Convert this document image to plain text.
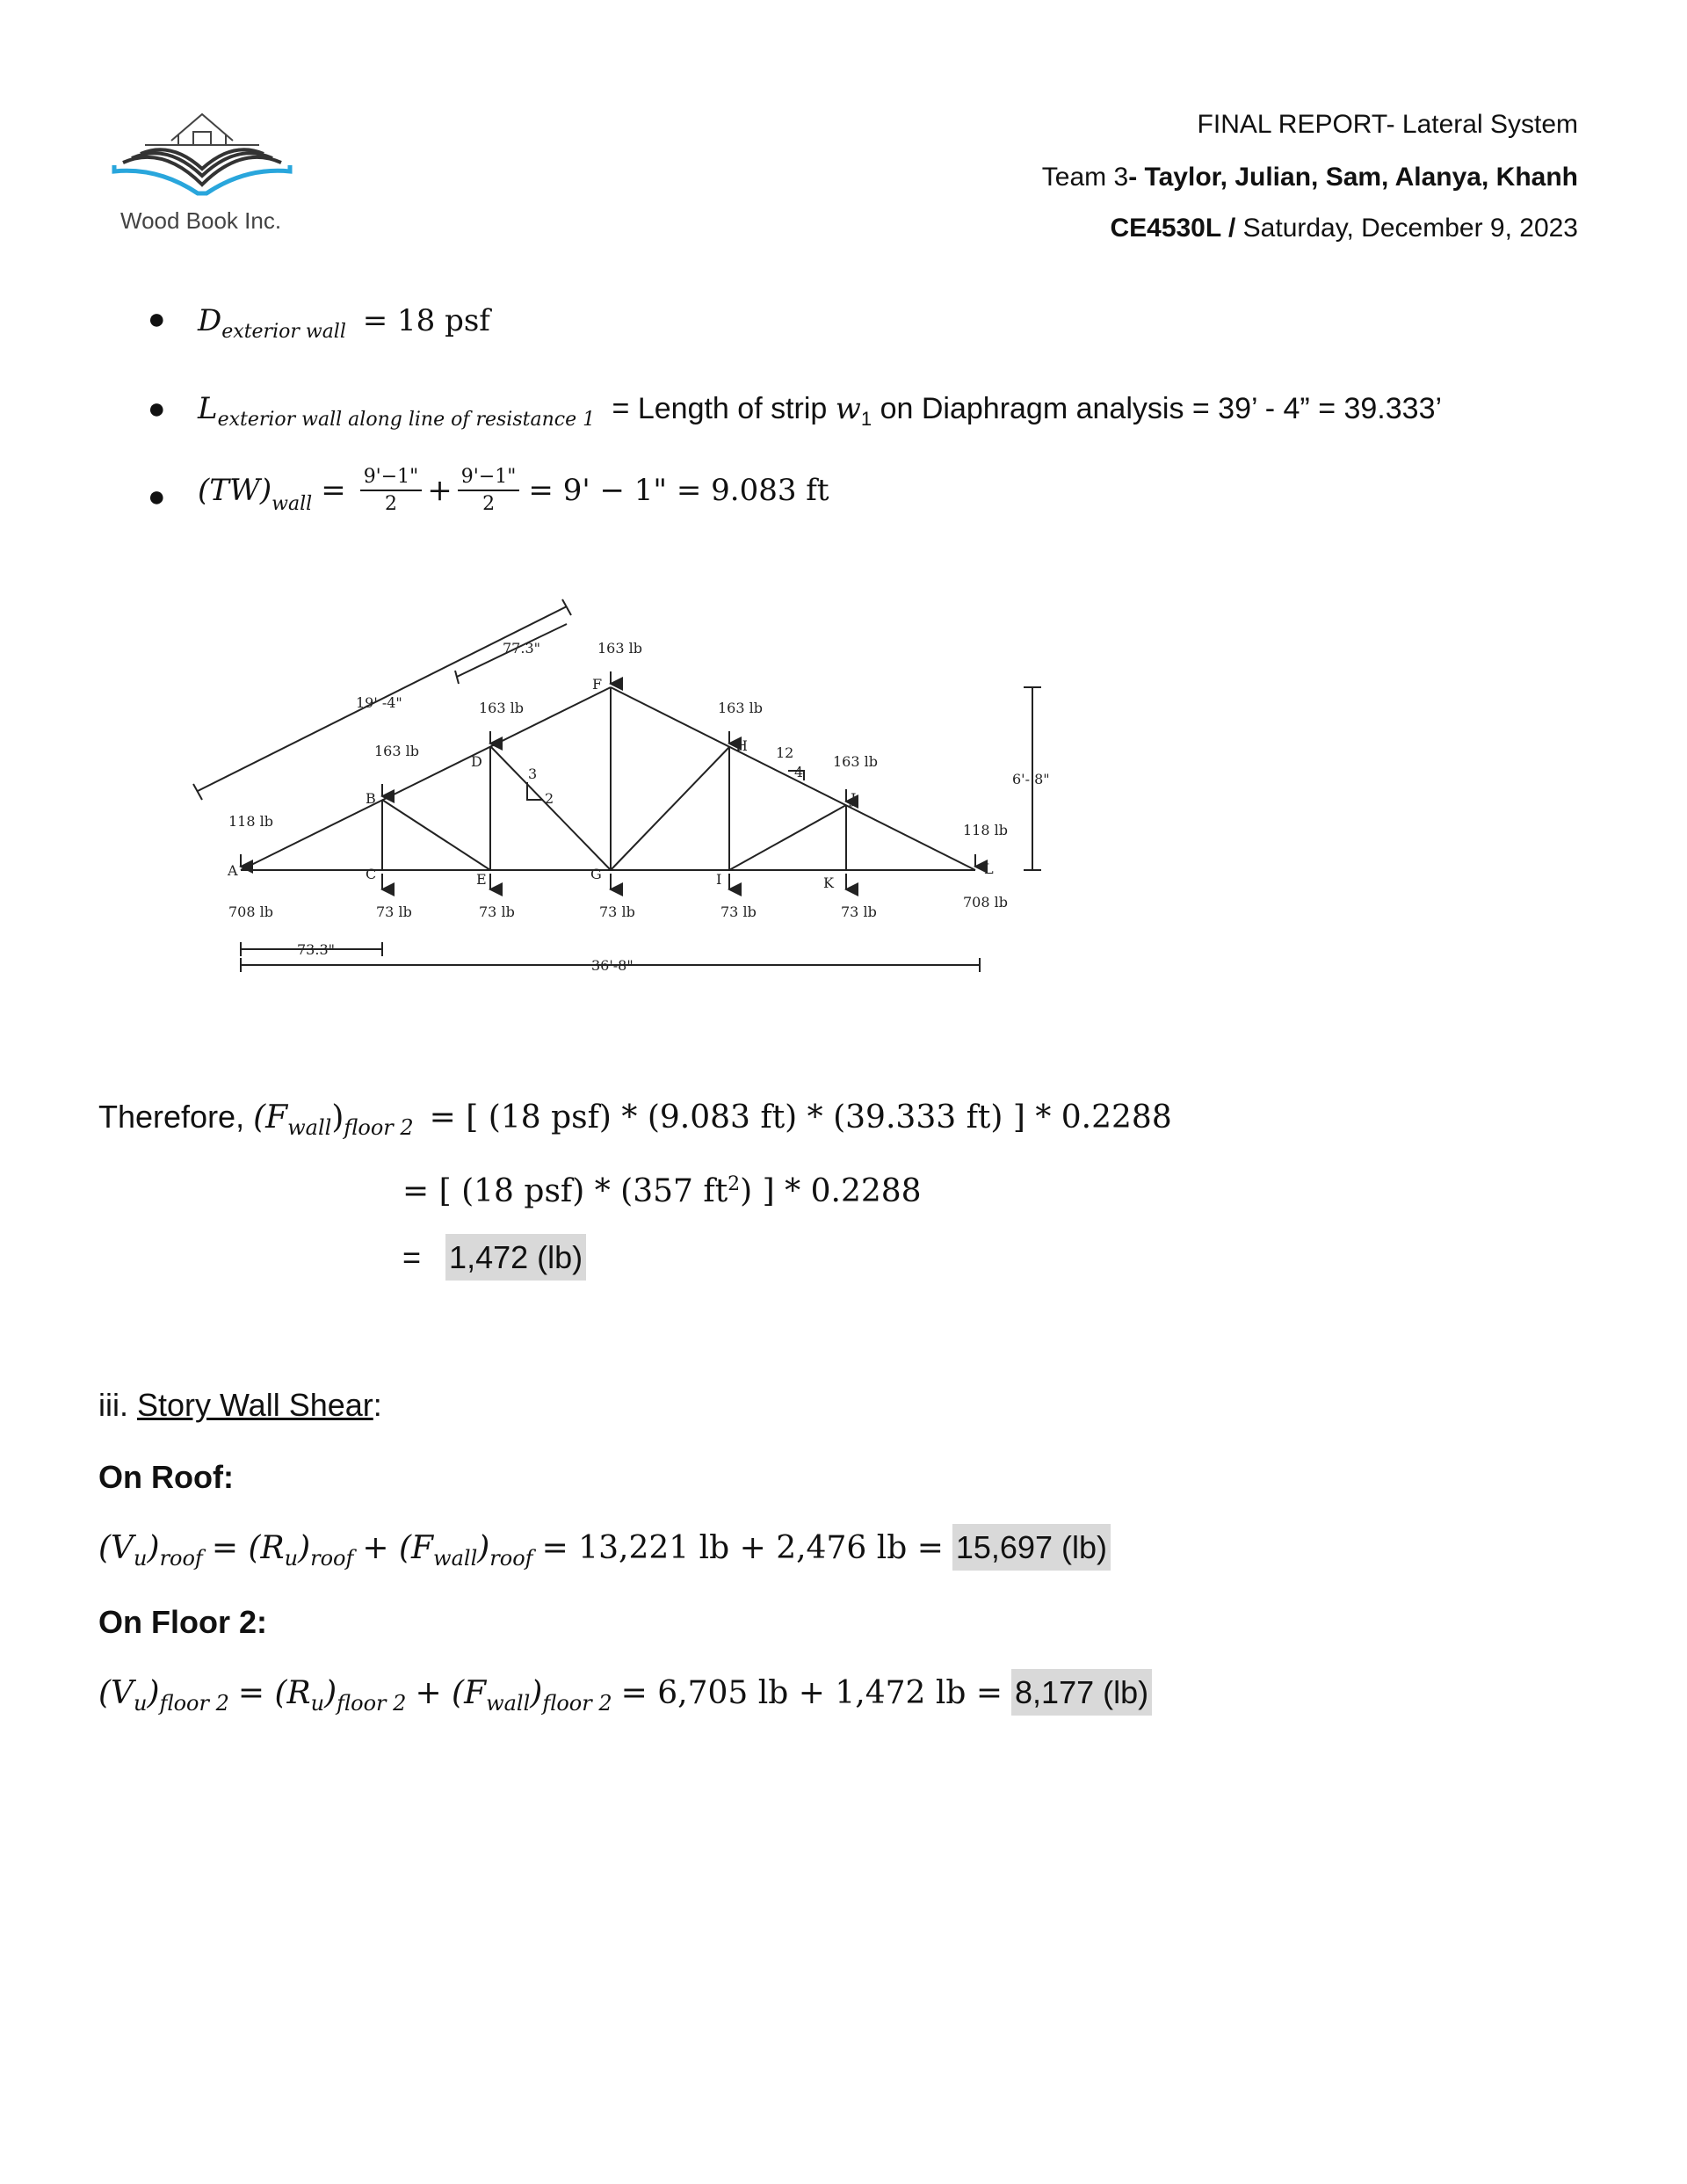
Wood Book Inc.
FINAL REPORT- Lateral System
Team 3- Taylor, Julian, Sam, Alanya, Khanh
CE4530L / Saturday, December 9, 2023
● $D_{exterior wall} = 18$ psf
● $L_{exterior wall along line of resistance 1}$ = Length of strip $w_1$ on Diaphragm analysis = 39’ - 4” = 39.333’
● $(TW)_{wall} = \frac{9'-1"}{2} + \frac{9'-1"}{2} = 9' - 1$" = 9.083 ft
77.3"
19' -4"
6'- 8"
73.3"
36'-8"
3
2
12
4
A
B
C
D
E
F
G
H
I
J
K
L
118 lb
163 lb
163 lb
163 lb
163 lb
163 lb
118 lb
73 lb	73 lb	73 lb	73 lb	73 lb
708 lb
708 lb
Therefore, $(F_{wall})_{floor 2}$ = [ (18 psf) * (9.083 ft) * (39.333 ft) ] * 0.2288
= [ (18 psf) * (357 $ft^2$) ] * 0.2288
= 1,472 (lb)
iii. Story Wall Shear:
On Roof:
$(V_u)_{roof} = (R_u)_{roof} + (F_{wall})_{roof} = 13,221$ lb + 2,476 lb = 15,697 (lb)
On Floor 2:
$(V_u)_{floor 2} = (R_u)_{floor 2} + (F_{wall})_{floor 2} = 6,705$ lb + 1,472 lb = 8,177 (lb)
